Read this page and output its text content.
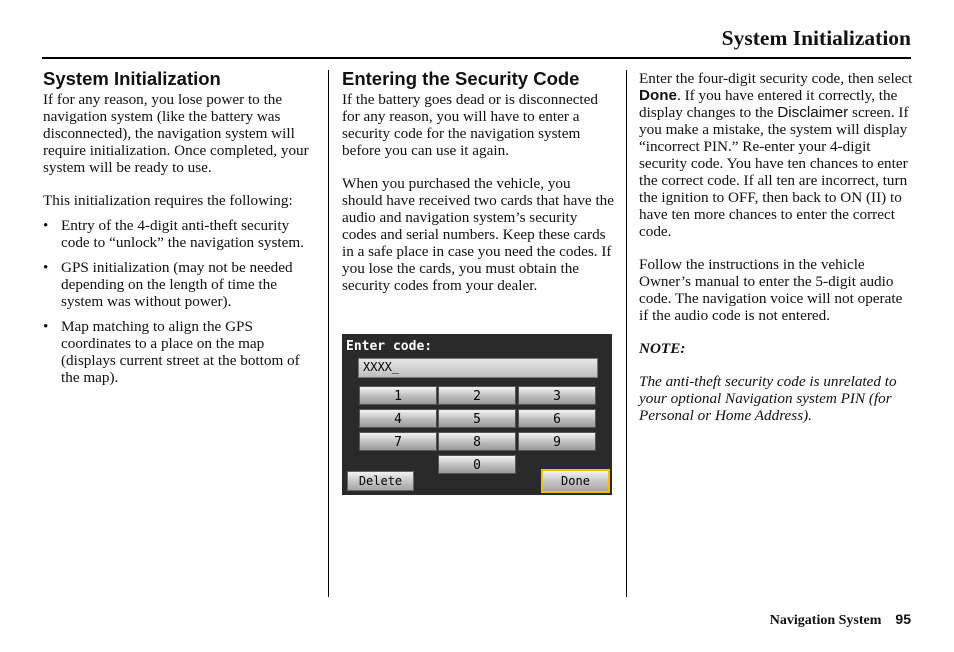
System Initialization
System Initialization

If for any reason, you lose power to the navigation system (like the battery was disconnected), the navigation system will require initialization. Once completed, your system will be ready to use.

This initialization requires the following:

• Entry of the 4-digit anti-theft security code to “unlock” the navigation system.
• GPS initialization (may not be needed depending on the length of time the system was without power).
• Map matching to align the GPS coordinates to a place on the map (displays current street at the bottom of the map).
Entering the Security Code

If the battery goes dead or is disconnected for any reason, you will have to enter a security code for the navigation system before you can use it again.

When you purchased the vehicle, you should have received two cards that have the audio and navigation system’s security codes and serial numbers. Keep these cards in a safe place in case you need the codes. If you lose the cards, you must obtain the security codes from your dealer.

Enter code:
XXXX_
1	2	3
4	5	6
7	8	9
0
Delete	Done

Enter the four-digit security code, then select Done. If you have entered it correctly, the display changes to the Disclaimer screen. If you make a mistake, the system will display “incorrect PIN.” Re-enter your 4-digit security code. You have ten chances to enter the correct code. If all ten are incorrect, turn the ignition to OFF, then back to ON (II) to have ten more chances to enter the correct code.

Follow the instructions in the vehicle Owner’s manual to enter the 5-digit audio code. The navigation voice will not operate if the audio code is not entered.

NOTE:

The anti-theft security code is unrelated to your optional Navigation system PIN (for Personal or Home Address).

Navigation System 95
